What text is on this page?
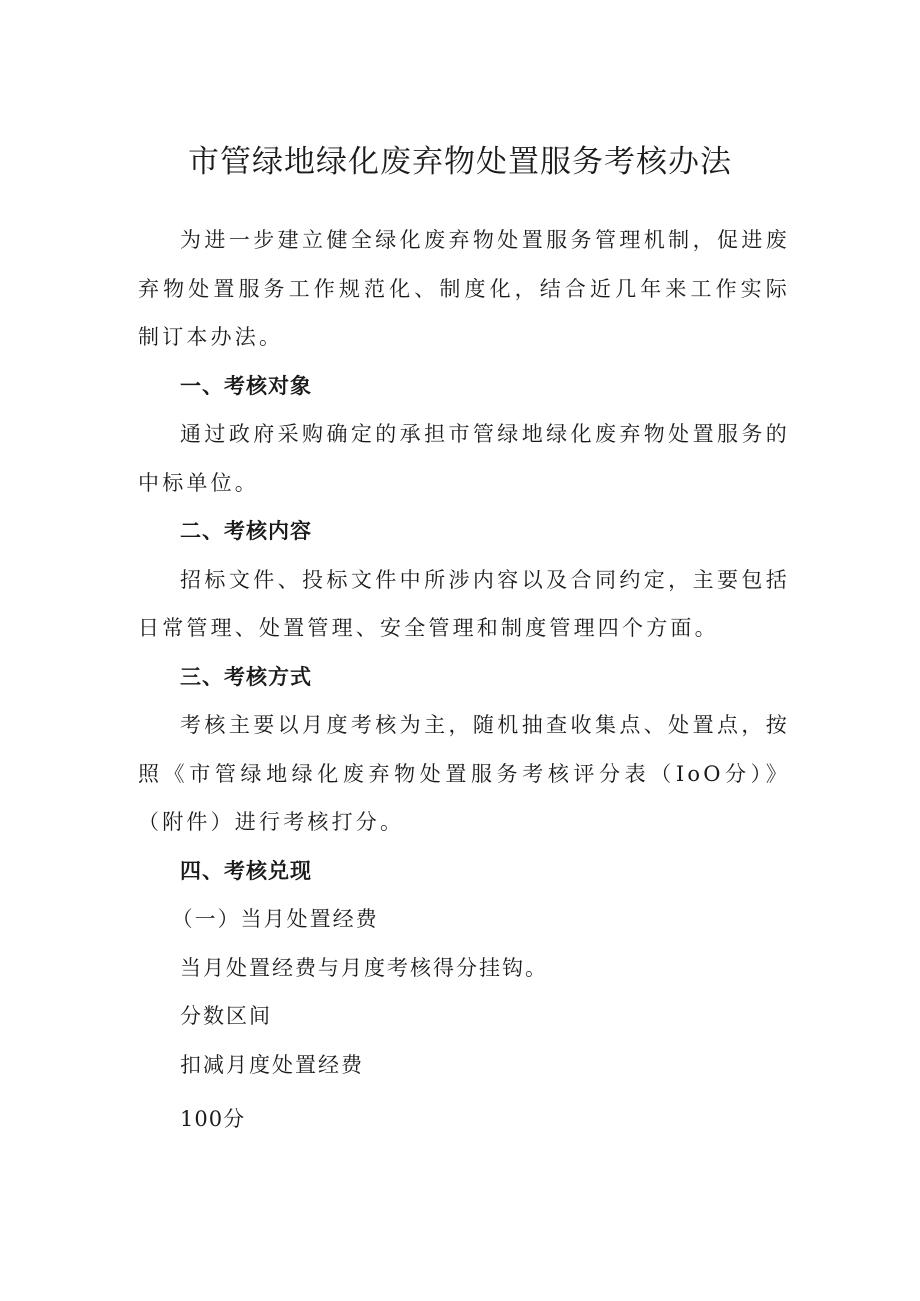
市管绿地绿化废弃物处置服务考核办法

为进一步建立健全绿化废弃物处置服务管理机制，促进废弃物处置服务工作规范化、制度化，结合近几年来工作实际制订本办法。

一、考核对象

通过政府采购确定的承担市管绿地绿化废弃物处置服务的中标单位。

二、考核内容

招标文件、投标文件中所涉内容以及合同约定，主要包括日常管理、处置管理、安全管理和制度管理四个方面。

三、考核方式

考核主要以月度考核为主，随机抽查收集点、处置点，按照《市管绿地绿化废弃物处置服务考核评分表（IoO分）》（附件）进行考核打分。

四、考核兑现

（一）当月处置经费

当月处置经费与月度考核得分挂钩。

分数区间

扣减月度处置经费

100分
